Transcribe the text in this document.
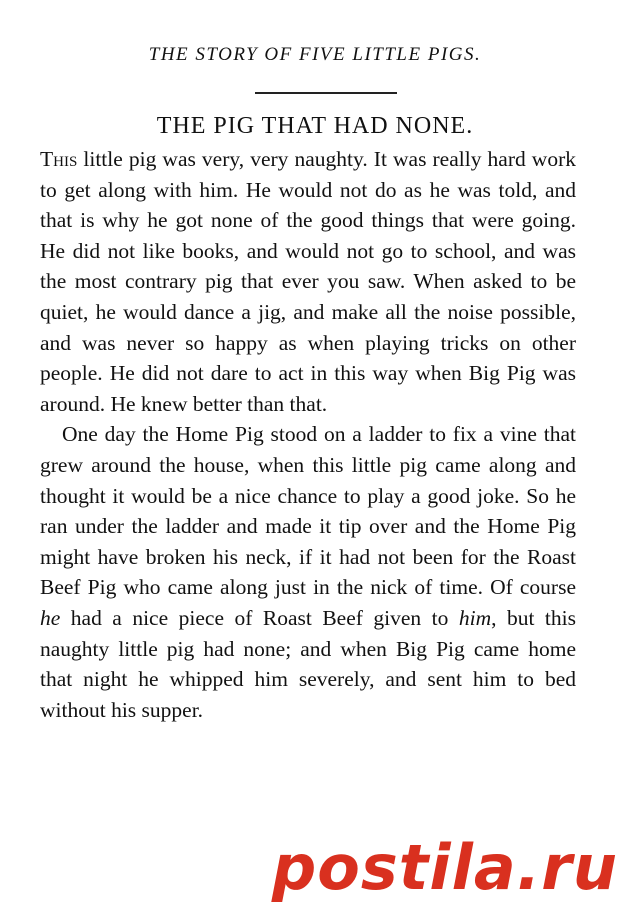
THE STORY OF FIVE LITTLE PIGS.
THE PIG THAT HAD NONE.

This little pig was very, very naughty. It was really hard work to get along with him. He would not do as he was told, and that is why he got none of the good things that were going. He did not like books, and would not go to school, and was the most contrary pig that ever you saw. When asked to be quiet, he would dance a jig, and make all the noise possible, and was never so happy as when playing tricks on other people. He did not dare to act in this way when Big Pig was around. He knew better than that.

One day the Home Pig stood on a ladder to fix a vine that grew around the house, when this little pig came along and thought it would be a nice chance to play a good joke. So he ran under the ladder and made it tip over and the Home Pig might have broken his neck, if it had not been for the Roast Beef Pig who came along just in the nick of time. Of course he had a nice piece of Roast Beef given to him, but this naughty little pig had none; and when Big Pig came home that night he whipped him severely, and sent him to bed without his supper.

postila.ru
